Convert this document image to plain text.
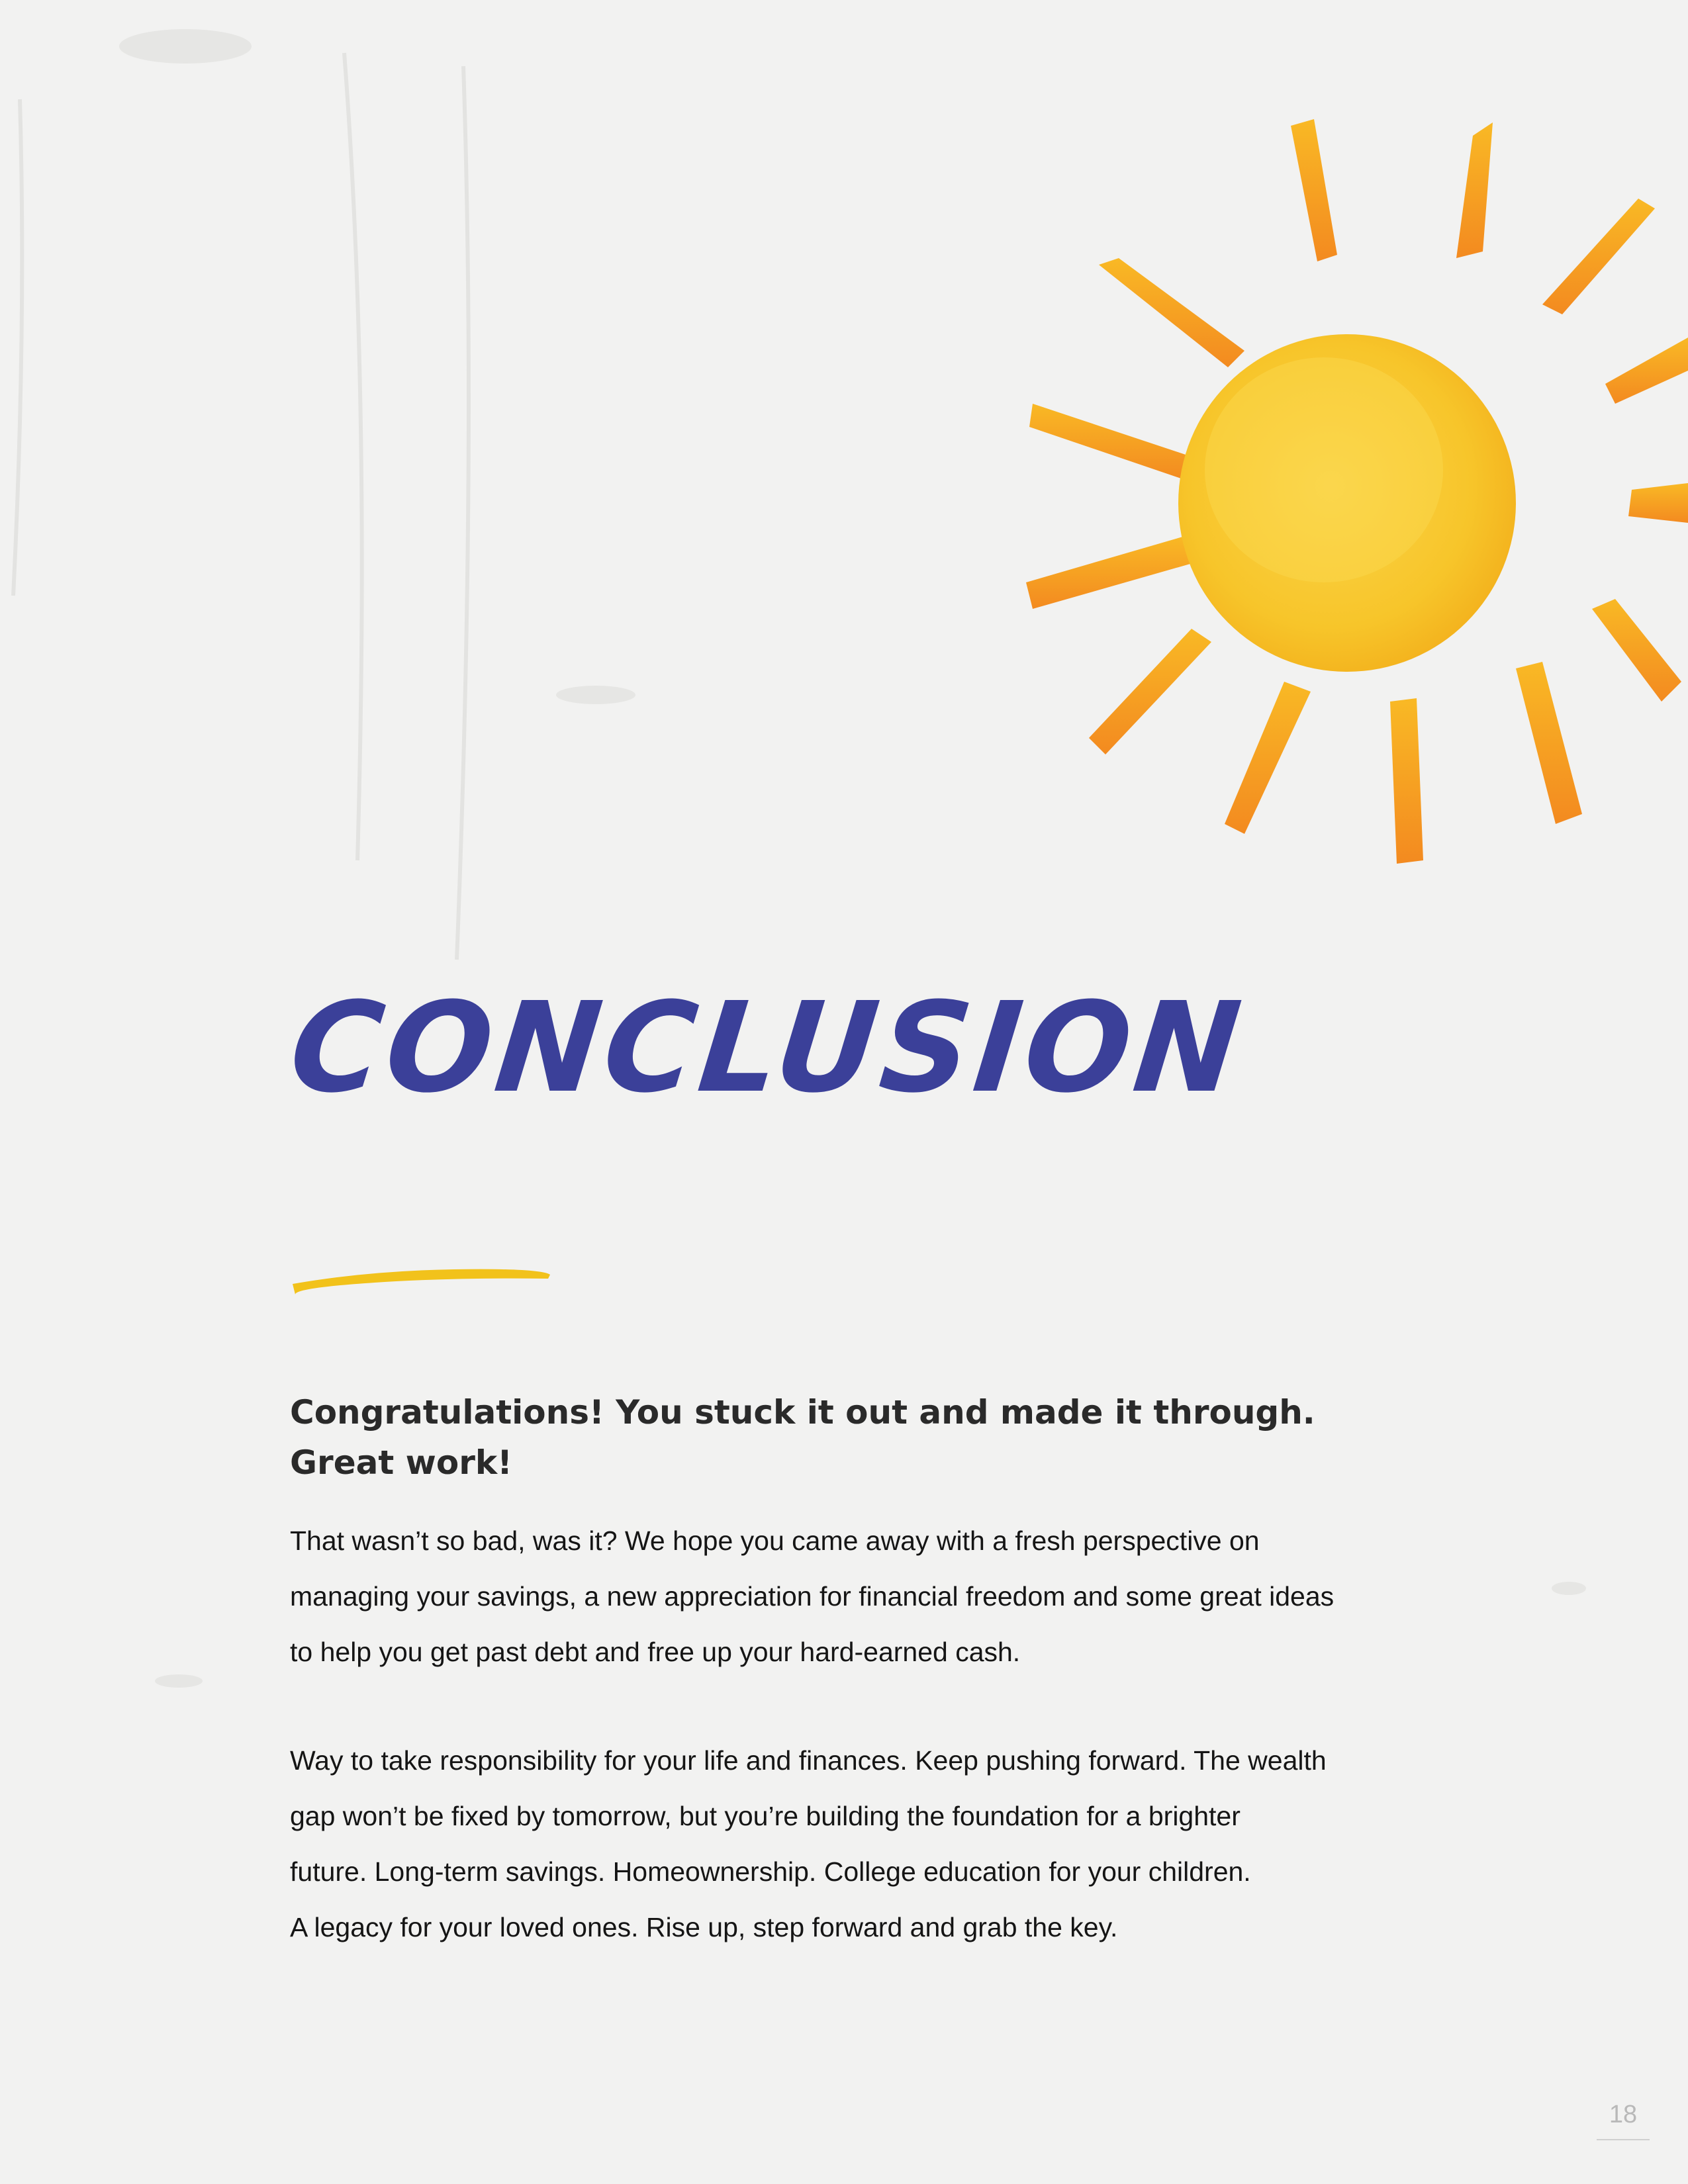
CONCLUSION

Congratulations! You stuck it out and made it through.
Great work!

That wasn’t so bad, was it? We hope you came away with a fresh perspective on
managing your savings, a new appreciation for financial freedom and some great ideas
to help you get past debt and free up your hard-earned cash.

Way to take responsibility for your life and finances. Keep pushing forward. The wealth
gap won’t be fixed by tomorrow, but you’re building the foundation for a brighter
future. Long-term savings. Homeownership. College education for your children.
A legacy for your loved ones. Rise up, step forward and grab the key.

18
